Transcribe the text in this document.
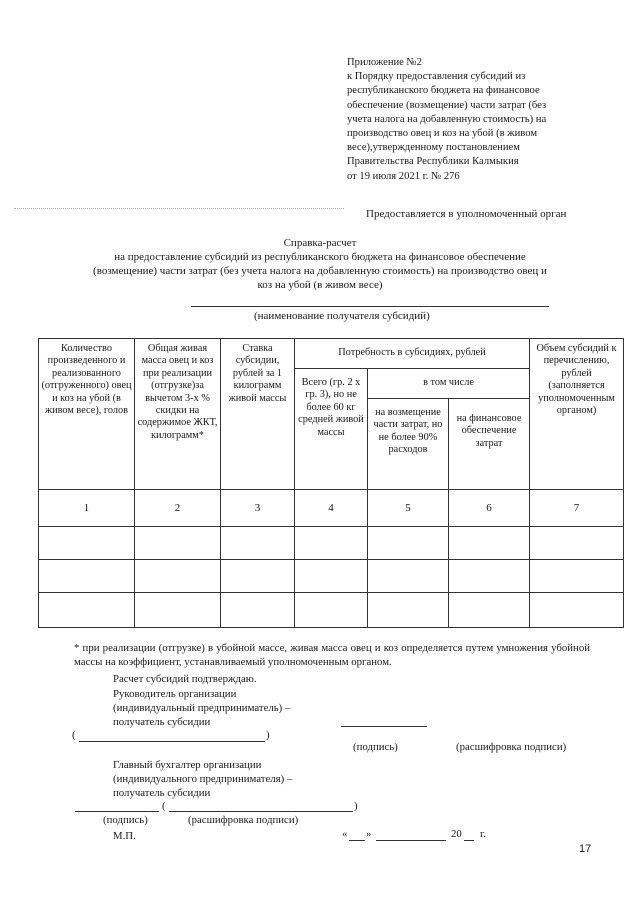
Приложение №2
к Порядку предоставления субсидий из
республиканского бюджета на финансовое
обеспечение (возмещение) части затрат (без
учета налога на добавленную стоимость) на
производство овец и коз на убой (в живом
весе),утвержденному постановлением
Правительства Республики Калмыкия
от 19 июля 2021 г. № 276
Предоставляется в уполномоченный орган
Справка-расчет
на предоставление субсидий из республиканского бюджета на финансовое обеспечение
(возмещение) части затрат (без учета налога на добавленную стоимость) на производство овец и
коз на убой (в живом весе)
(наименование получателя субсидий)
Количество произведенного и реализованного (отгруженного) овец и коз на убой (в живом весе), голов	Общая живая масса овец и коз при реализации (отгрузке)за вычетом 3-х % скидки на содержимое ЖКТ, килограмм*	Ставка субсидии, рублей за 1 килограмм живой массы	Потребность в субсидиях, рублей			Объем субсидий к перечислению, рублей (заполняется уполномоченным органом)
			Всего (гр. 2 х гр. 3), но не более 60 кг средней живой массы	в том числе		
				на возмещение части затрат, но не более 90% расходов	на финансовое обеспечение затрат	
1	2	3	4	5	6	7

* при реализации (отгрузке) в убойной массе, живая масса овец и коз определяется путем умножения убойной массы на коэффициент, устанавливаемый уполномоченным органом.
Расчет субсидий подтверждаю.
Руководитель организации
(индивидуальный предприниматель) –
получатель субсидии
(	)
(подпись)	(расшифровка подписи)
Главный бухгалтер организации
(индивидуального предпринимателя) –
получатель субсидии
(	)
(подпись)	(расшифровка подписи)
М.П.	« »	20 г.
17
